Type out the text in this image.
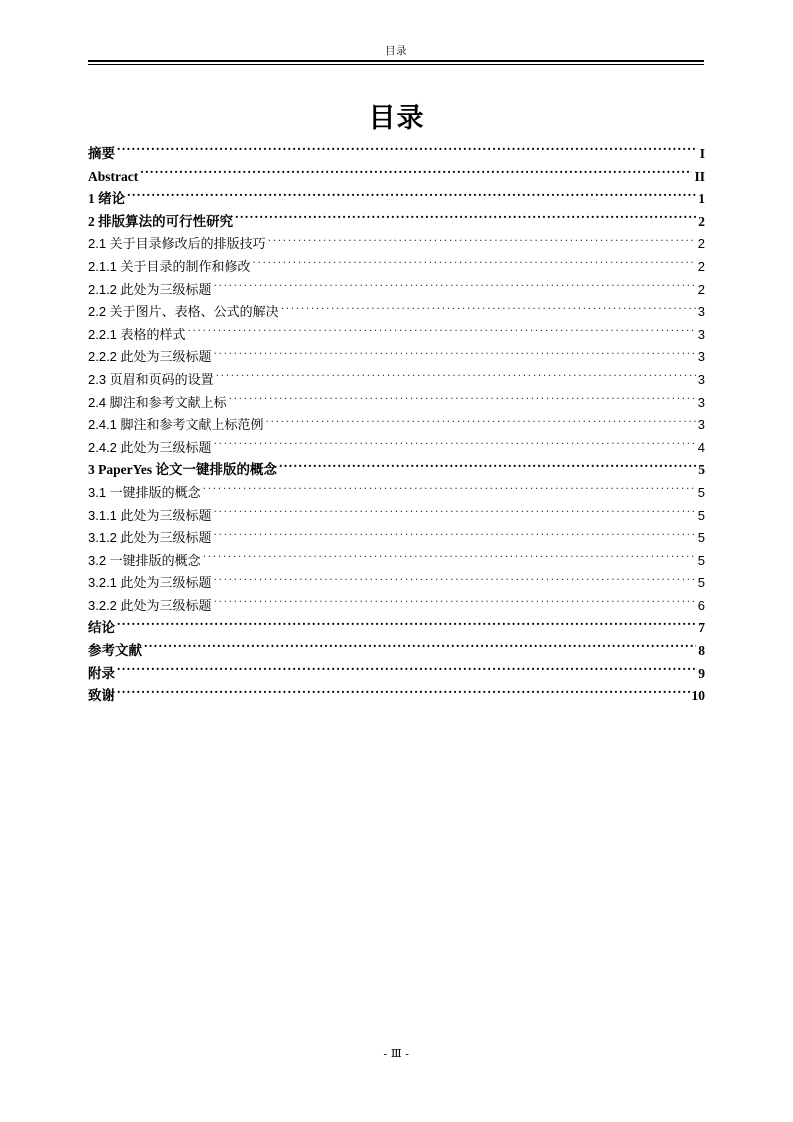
目录
目录
摘要 .....	I
Abstract .....	II
1 绪论 .....	1
2 排版算法的可行性研究 .....	2
2.1 关于目录修改后的排版技巧 .....	2
2.1.1 关于目录的制作和修改 .....	2
2.1.2 此处为三级标题 .....	2
2.2 关于图片、表格、公式的解决 .....	3
2.2.1 表格的样式 .....	3
2.2.2 此处为三级标题 .....	3
2.3 页眉和页码的设置 .....	3
2.4 脚注和参考文献上标 .....	3
2.4.1 脚注和参考文献上标范例 .....	3
2.4.2 此处为三级标题 .....	4
3 PaperYes 论文一键排版的概念 .....	5
3.1 一键排版的概念 .....	5
3.1.1 此处为三级标题 .....	5
3.1.2 此处为三级标题 .....	5
3.2 一键排版的概念 .....	5
3.2.1 此处为三级标题 .....	5
3.2.2 此处为三级标题 .....	6
结论 .....	7
参考文献 .....	8
附录 .....	9
致谢 .....	10
- Ⅲ -
